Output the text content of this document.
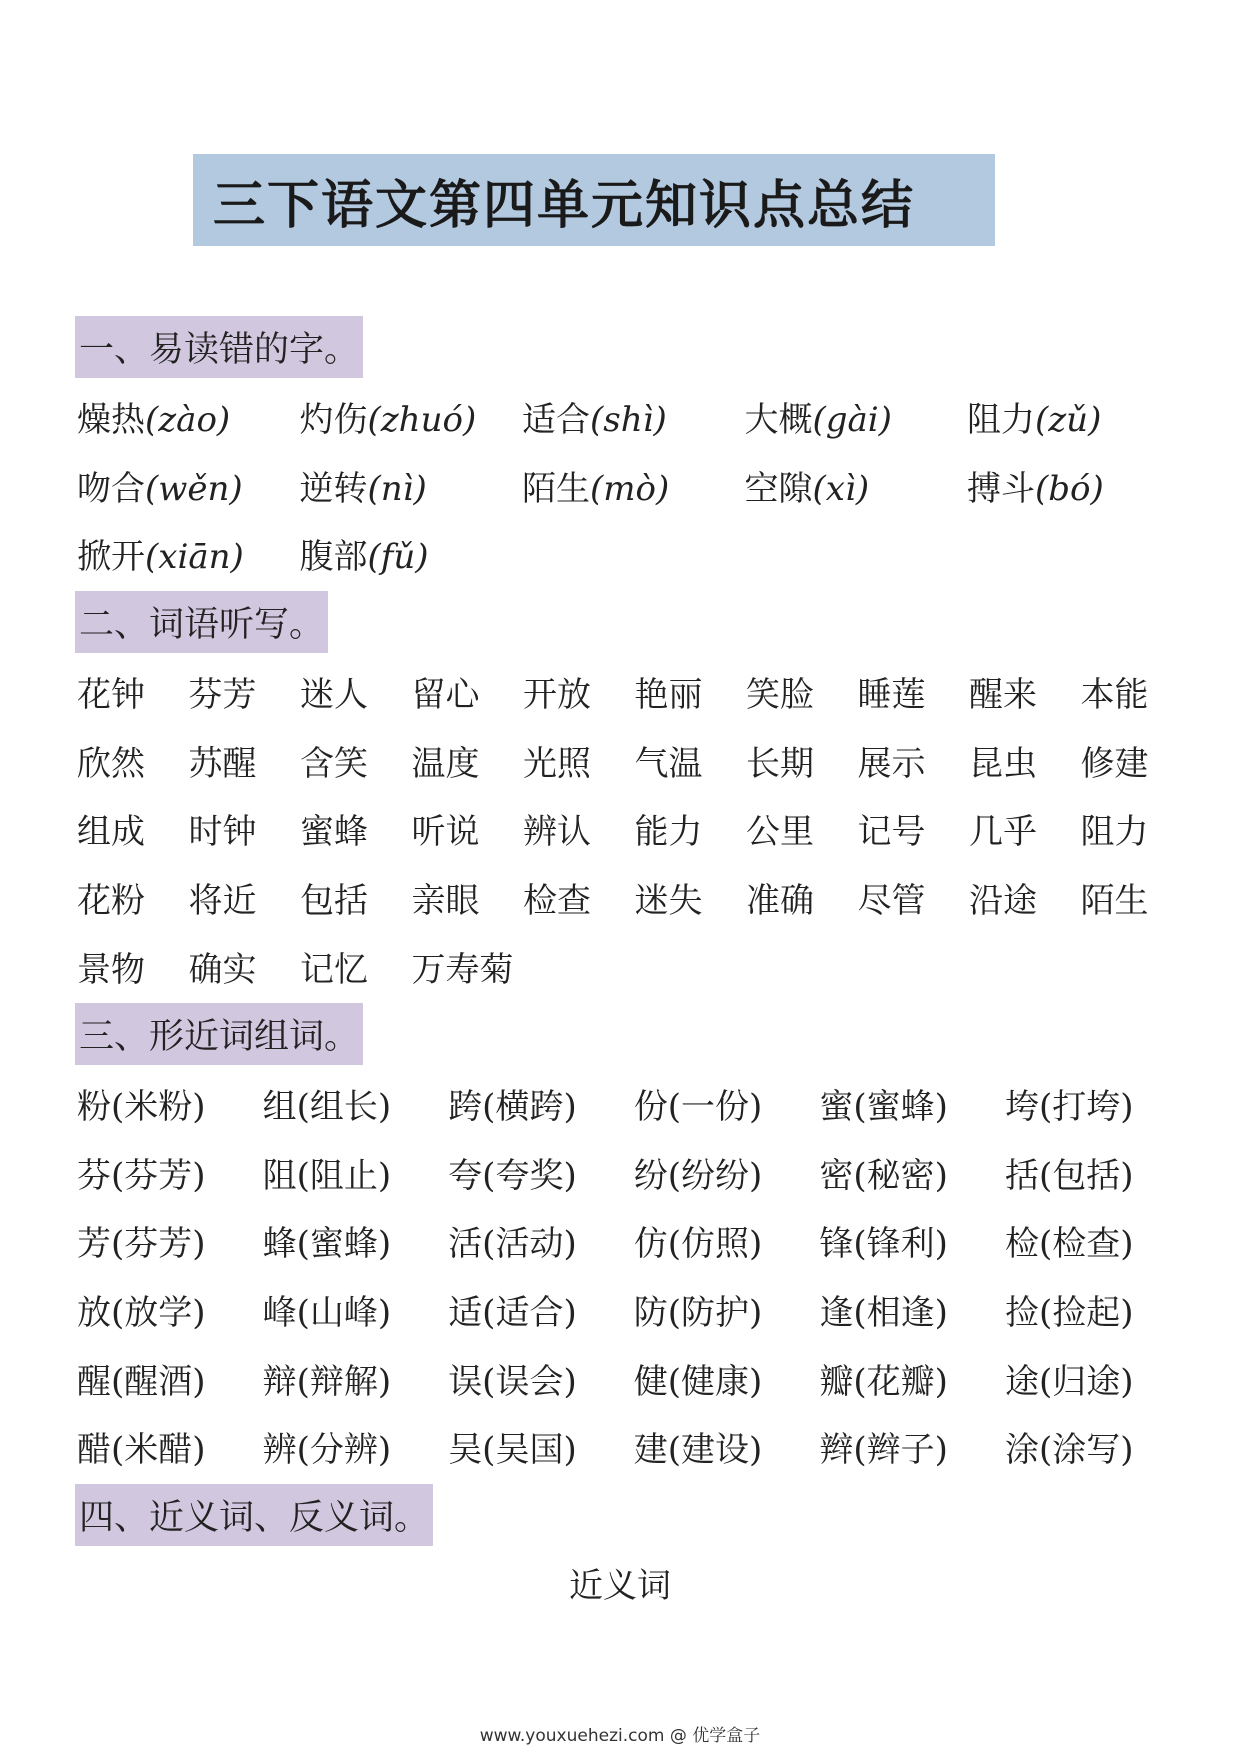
三下语文第四单元知识点总结
一、易读错的字。
燥热(zào)	灼伤(zhuó)	适合(shì)	大概(gài)	阻力(zǔ)
吻合(wěn)	逆转(nì)	陌生(mò)	空隙(xì)	搏斗(bó)
掀开(xiān)	腹部(fǔ)
二、词语听写。
花钟	芬芳	迷人	留心	开放	艳丽	笑脸	睡莲	醒来	本能
欣然	苏醒	含笑	温度	光照	气温	长期	展示	昆虫	修建
组成	时钟	蜜蜂	听说	辨认	能力	公里	记号	几乎	阻力
花粉	将近	包括	亲眼	检查	迷失	准确	尽管	沿途	陌生
景物	确实	记忆	万寿菊
三、形近词组词。
粉(米粉)	组(组长)	跨(横跨)	份(一份)	蜜(蜜蜂)	垮(打垮)
芬(芬芳)	阻(阻止)	夸(夸奖)	纷(纷纷)	密(秘密)	括(包括)
芳(芬芳)	蜂(蜜蜂)	活(活动)	仿(仿照)	锋(锋利)	检(检查)
放(放学)	峰(山峰)	适(适合)	防(防护)	逢(相逢)	捡(捡起)
醒(醒酒)	辩(辩解)	误(误会)	健(健康)	瓣(花瓣)	途(归途)
醋(米醋)	辨(分辨)	吴(吴国)	建(建设)	辫(辫子)	涂(涂写)
四、近义词、反义词。
近义词
www.youxuehezi.com @ 优学盒子
